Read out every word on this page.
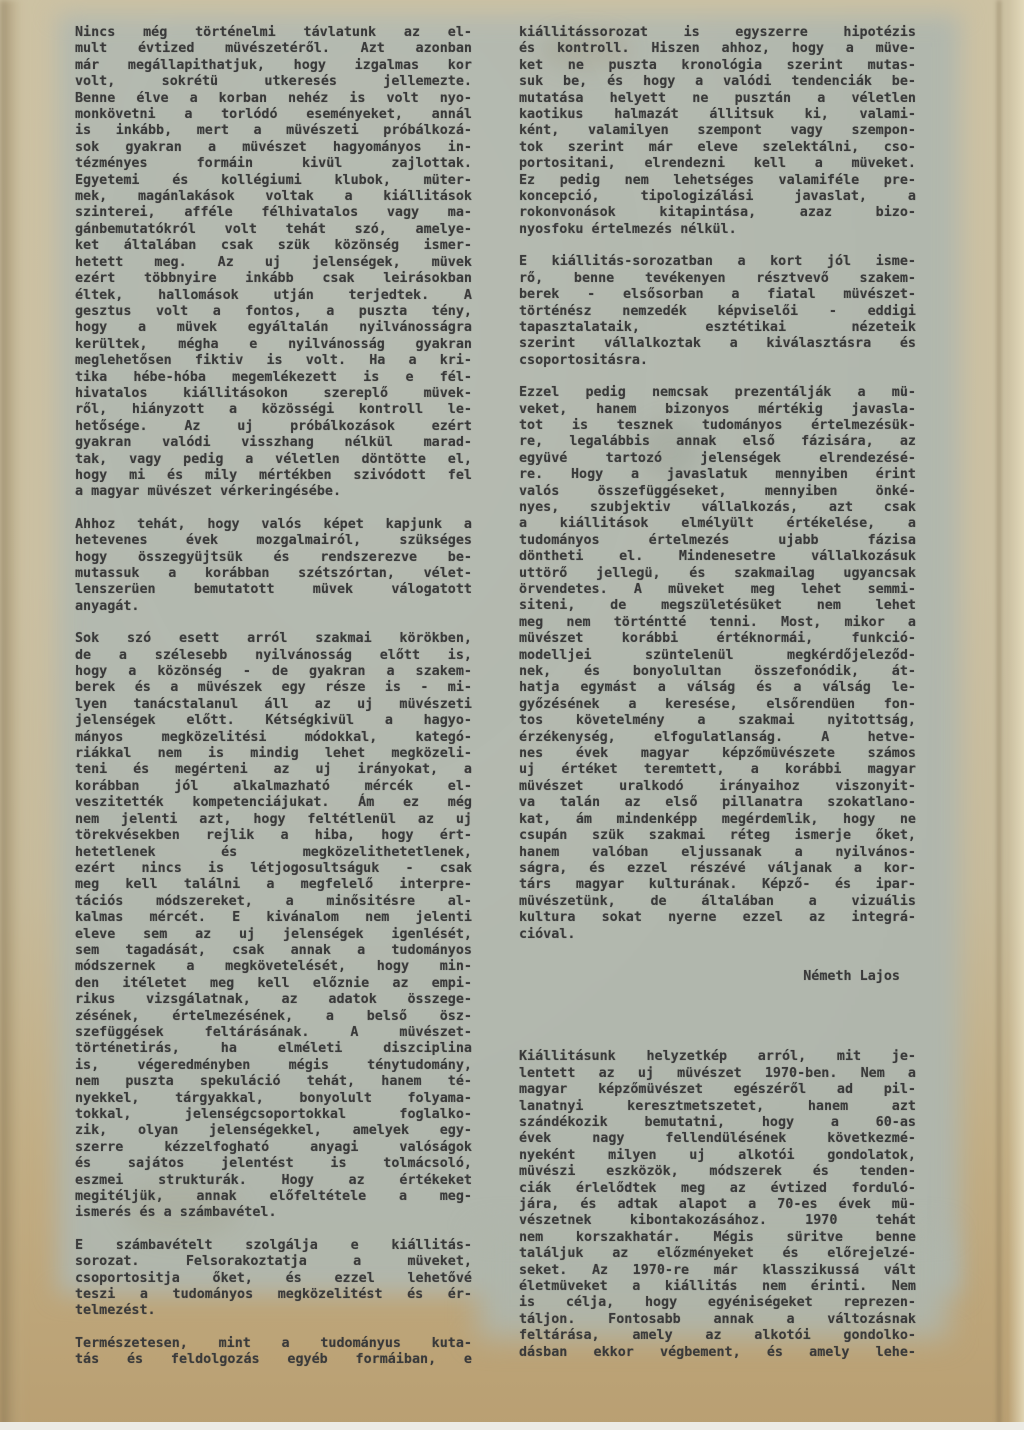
Nincs még történelmi távlatunk az el-
mult évtized müvészetéről. Azt azonban
már megállapithatjuk, hogy izgalmas kor
volt, sokrétü utkeresés jellemezte.
Benne élve a korban nehéz is volt nyo-
monkövetni a torlódó eseményeket, annál
is inkább, mert a müvészeti próbálkozá-
sok gyakran a müvészet hagyományos in-
tézményes formáin kivül zajlottak.
Egyetemi és kollégiumi klubok, müter-
mek, magánlakások voltak a kiállitások
szinterei, afféle félhivatalos vagy ma-
gánbemutatókról volt tehát szó, amelye-
ket általában csak szük közönség ismer-
hetett meg. Az uj jelenségek, müvek
ezért többnyire inkább csak leirásokban
éltek, hallomások utján terjedtek. A
gesztus volt a fontos, a puszta tény,
hogy a müvek egyáltalán nyilvánosságra
kerültek, mégha e nyilvánosság gyakran
meglehetősen fiktiv is volt. Ha a kri-
tika hébe-hóba megemlékezett is e fél-
hivatalos kiállitásokon szereplő müvek-
ről, hiányzott a közösségi kontroll le-
hetősége. Az uj próbálkozások ezért
gyakran valódi visszhang nélkül marad-
tak, vagy pedig a véletlen döntötte el,
hogy mi és mily mértékben szivódott fel
a magyar müvészet vérkeringésébe.
Ahhoz tehát, hogy valós képet kapjunk a
hetevenes évek mozgalmairól, szükséges
hogy összegyüjtsük és rendszerezve be-
mutassuk a korábban szétszórtan, vélet-
lenszerüen bemutatott müvek válogatott
anyagát.
Sok szó esett arról szakmai körökben,
de a szélesebb nyilvánosság előtt is,
hogy a közönség - de gyakran a szakem-
berek és a müvészek egy része is - mi-
lyen tanácstalanul áll az uj müvészeti
jelenségek előtt. Kétségkivül a hagyo-
mányos megközelitési módokkal, kategó-
riákkal nem is mindig lehet megközeli-
teni és megérteni az uj irányokat, a
korábban jól alkalmazható mércék el-
veszitették kompetenciájukat. Ám ez még
nem jelenti azt, hogy feltétlenül az uj
törekvésekben rejlik a hiba, hogy ért-
hetetlenek és megközelithetetlenek,
ezért nincs is létjogosultságuk - csak
meg kell találni a megfelelő interpre-
tációs módszereket, a minősitésre al-
kalmas mércét. E kivánalom nem jelenti
eleve sem az uj jelenségek igenlését,
sem tagadását, csak annak a tudományos
módszernek a megkövetelését, hogy min-
den itéletet meg kell előznie az empi-
rikus vizsgálatnak, az adatok összege-
zésének, értelmezésének, a belső ösz-
szefüggések feltárásának. A müvészet-
történetirás, ha elméleti diszciplina
is, végeredményben mégis ténytudomány,
nem puszta spekuláció tehát, hanem té-
nyekkel, tárgyakkal, bonyolult folyama-
tokkal, jelenségcsoportokkal foglalko-
zik, olyan jelenségekkel, amelyek egy-
szerre kézzelfogható anyagi valóságok
és sajátos jelentést is tolmácsoló,
eszmei strukturák. Hogy az értékeket
megitéljük, annak előfeltétele a meg-
ismerés és a számbavétel.
E számbavételt szolgálja e kiállitás-
sorozat. Felsorakoztatja a müveket,
csoportositja őket, és ezzel lehetővé
teszi a tudományos megközelitést és ér-
telmezést.
Természetesen, mint a tudományus kuta-
tás és feldolgozás egyéb formáiban, e
kiállitássorozat is egyszerre hipotézis
és kontroll. Hiszen ahhoz, hogy a müve-
ket ne puszta kronológia szerint mutas-
suk be, és hogy a valódi tendenciák be-
mutatása helyett ne pusztán a véletlen
kaotikus halmazát állitsuk ki, valami-
ként, valamilyen szempont vagy szempon-
tok szerint már eleve szelektálni, cso-
portositani, elrendezni kell a müveket.
Ez pedig nem lehetséges valamiféle pre-
koncepció, tipologizálási javaslat, a
rokonvonások kitapintása, azaz bizo-
nyosfoku értelmezés nélkül.
E kiállitás-sorozatban a kort jól isme-
rő, benne tevékenyen résztvevő szakem-
berek - elsősorban a fiatal müvészet-
történész nemzedék képviselői - eddigi
tapasztalataik, esztétikai nézeteik
szerint vállalkoztak a kiválasztásra és
csoportositásra.
Ezzel pedig nemcsak prezentálják a mü-
veket, hanem bizonyos mértékig javasla-
tot is tesznek tudományos értelmezésük-
re, legalábbis annak első fázisára, az
együvé tartozó jelenségek elrendezésé-
re. Hogy a javaslatuk mennyiben érint
valós összefüggéseket, mennyiben önké-
nyes, szubjektiv vállalkozás, azt csak
a kiállitások elmélyült értékelése, a
tudományos értelmezés ujabb fázisa
döntheti el. Mindenesetre vállalkozásuk
uttörő jellegü, és szakmailag ugyancsak
örvendetes. A müveket meg lehet semmi-
siteni, de megszületésüket nem lehet
meg nem történtté tenni. Most, mikor a
müvészet korábbi értéknormái, funkció-
modelljei szüntelenül megkérdőjeleződ-
nek, és bonyolultan összefonódik, át-
hatja egymást a válság és a válság le-
győzésének a keresése, elsőrendüen fon-
tos követelmény a szakmai nyitottság,
érzékenység, elfogulatlanság. A hetve-
nes évek magyar képzőmüvészete számos
uj értéket teremtett, a korábbi magyar
müvészet uralkodó irányaihoz viszonyit-
va talán az első pillanatra szokatlano-
kat, ám mindenképp megérdemlik, hogy ne
csupán szük szakmai réteg ismerje őket,
hanem valóban eljussanak a nyilvános-
ságra, és ezzel részévé váljanak a kor-
társ magyar kulturának. Képző- és ipar-
müvészetünk, de általában a vizuális
kultura sokat nyerne ezzel az integrá-
cióval.
Németh Lajos
Kiállitásunk helyzetkép arról, mit je-
lentett az uj müvészet 1970-ben. Nem a
magyar képzőmüvészet egészéről ad pil-
lanatnyi keresztmetszetet, hanem azt
szándékozik bemutatni, hogy a 60-as
évek nagy fellendülésének következmé-
nyeként milyen uj alkotói gondolatok,
müvészi eszközök, módszerek és tenden-
ciák érlelődtek meg az évtized forduló-
jára, és adtak alapot a 70-es évek mü-
vészetnek kibontakozásához. 1970 tehát
nem korszakhatár. Mégis süritve benne
találjuk az előzményeket és előrejelzé-
seket. Az 1970-re már klasszikussá vált
életmüveket a kiállitás nem érinti. Nem
is célja, hogy egyéniségeket reprezen-
táljon. Fontosabb annak a változásnak
feltárása, amely az alkotói gondolko-
dásban ekkor végbement, és amely lehe-
